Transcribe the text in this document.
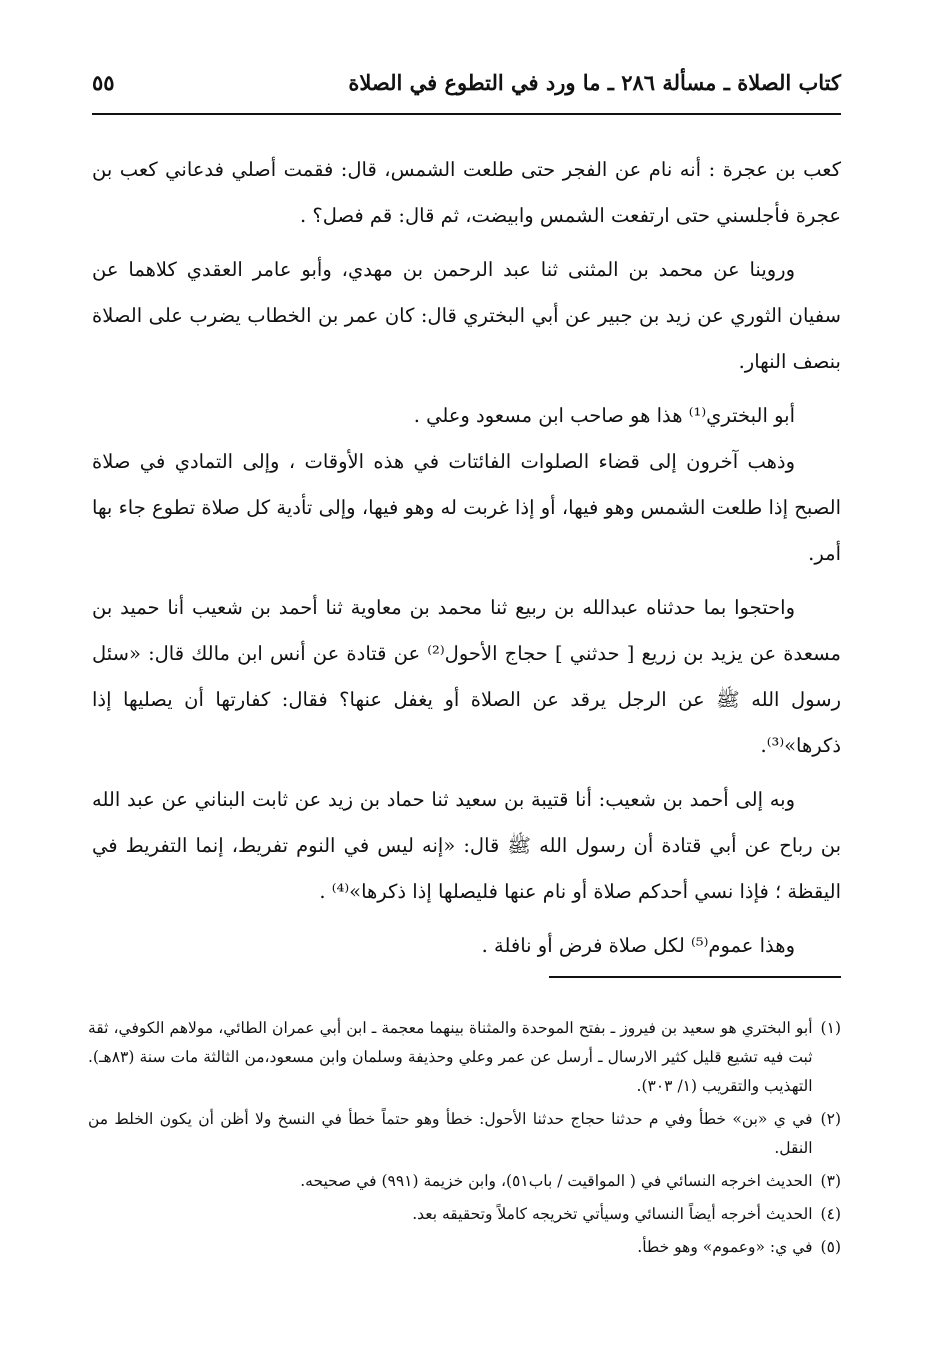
كتاب الصلاة ـ مسألة ٢٨٦ ـ ما ورد في التطوع في الصلاة
٥٥

كعب بن عجرة : أنه نام عن الفجر حتى طلعت الشمس، قال: فقمت أصلي فدعاني كعب بن عجرة فأجلسني حتى ارتفعت الشمس وابيضت، ثم قال: قم فصل؟ .

وروينا عن محمد بن المثنى ثنا عبد الرحمن بن مهدي، وأبو عامر العقدي كلاهما عن سفيان الثوري عن زيد بن جبير عن أبي البختري قال: كان عمر بن الخطاب يضرب على الصلاة بنصف النهار.

أبو البختري⁽¹⁾ هذا هو صاحب ابن مسعود وعلي .

وذهب آخرون إلى قضاء الصلوات الفائتات في هذه الأوقات ، وإلى التمادي في صلاة الصبح إذا طلعت الشمس وهو فيها، أو إذا غربت له وهو فيها، وإلى تأدية كل صلاة تطوع جاء بها أمر.

واحتجوا بما حدثناه عبدالله بن ربيع ثنا محمد بن معاوية ثنا أحمد بن شعيب أنا حميد بن مسعدة عن يزيد بن زريع [ حدثني ] حجاج الأحول⁽²⁾ عن قتادة عن أنس ابن مالك قال: «سئل رسول الله ﷺ عن الرجل يرقد عن الصلاة أو يغفل عنها؟ فقال: كفارتها أن يصليها إذا ذكرها»⁽³⁾.

وبه إلى أحمد بن شعيب: أنا قتيبة بن سعيد ثنا حماد بن زيد عن ثابت البناني عن عبد الله بن رباح عن أبي قتادة أن رسول الله ﷺ قال: «إنه ليس في النوم تفريط، إنما التفريط في اليقظة ؛ فإذا نسي أحدكم صلاة أو نام عنها فليصلها إذا ذكرها»⁽⁴⁾ .

وهذا عموم⁽⁵⁾ لكل صلاة فرض أو نافلة .

(١)
أبو البختري هو سعيد بن فيروز ـ بفتح الموحدة والمثناة بينهما معجمة ـ ابن أبي عمران الطائي، مولاهم الكوفي، ثقة ثبت فيه تشيع قليل كثير الارسال ـ أرسل عن عمر وعلي وحذيفة وسلمان وابن مسعود،من الثالثة مات سنة (٨٣هـ). التهذيب والتقريب (١/ ٣٠٣).
(٢)
في ي «بن» خطأ وفي م حدثنا حجاج حدثنا الأحول: خطأ وهو حتماً خطأ في النسخ ولا أظن أن يكون الخلط من النقل.
(٣)
الحديث اخرجه النسائي في ( المواقيت / باب٥١)، وابن خزيمة (٩٩١) في صحيحه.
(٤)
الحديث أخرجه أيضاً النسائي وسيأتي تخريجه كاملاً وتحقيقه بعد.
(٥)
في ي: «وعموم» وهو خطأ.
